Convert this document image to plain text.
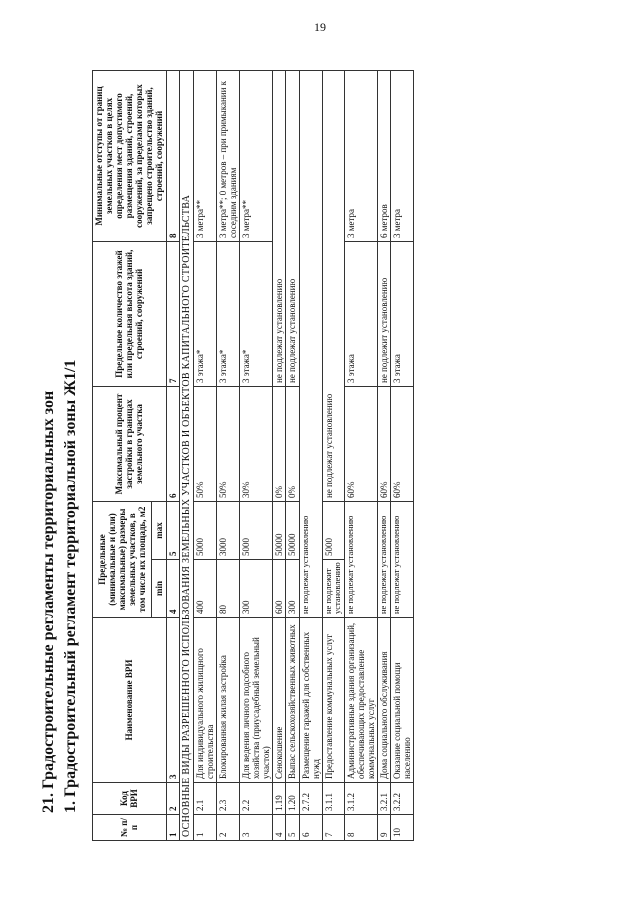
19
21. Градостроительные регламенты территориальных зон 1. Градостроительный регламент территориальной зоны Ж1/1
№ п/п	Код ВРИ	Наименование ВРИ	Предельные (минимальные и (или) максимальные) размеры земельных участков, в том числе их площадь, м2		Максимальный процент застройки в границах земельного участка	Предельное количество этажей или предельная высота зданий, строений, сооружений	Минимальные отступы от границ земельных участков в целях определения мест допустимого размещения зданий, строений, сооружений, за пределами которых запрещено строительство зданий, строений, сооружений
			min	max			
1	2	3	4	5	6	7	8
ОСНОВНЫЕ ВИДЫ РАЗРЕШЕННОГО ИСПОЛЬЗОВАНИЯ ЗЕМЕЛЬНЫХ УЧАСТКОВ И ОБЪЕКТОВ КАПИТАЛЬНОГО СТРОИТЕЛЬСТВА							
1	2.1	Для индивидуального жилищного строительства	400	5000	50%	3 этажа*	3 метра**
2	2.3	Блокированная жилая застройка	80	3000	50%	3 этажа*	3 метра**; 0 метров – при примыкании к соседним зданиям
3	2.2	Для ведения личного подсобного хозяйства (приусадебный земельный участок)	300	5000	30%	3 этажа*	3 метра**
4	1.19	Сенокошение	600	50000	0%	не подлежат установлению	
5	1.20	Выпас сельскохозяйственных животных	300	50000	0%	не подлежат установлению	
6	2.7.2	Размещение гаражей для собственных нужд	не подлежат установлению				
7	3.1.1	Предоставление коммунальных услуг	не подлежит установлению	5000	не подлежат установлению		
8	3.1.2	Административные здания организаций, обеспечивающих предоставление коммунальных услуг	не подлежат установлению		60%	3 этажа	3 метра
9	3.2.1	Дома социального обслуживания	не подлежат установлению		60%	не подлежит установлению	6 метров
10	3.2.2	Оказание социальной помощи населению	не подлежат установлению		60%	3 этажа	3 метра
